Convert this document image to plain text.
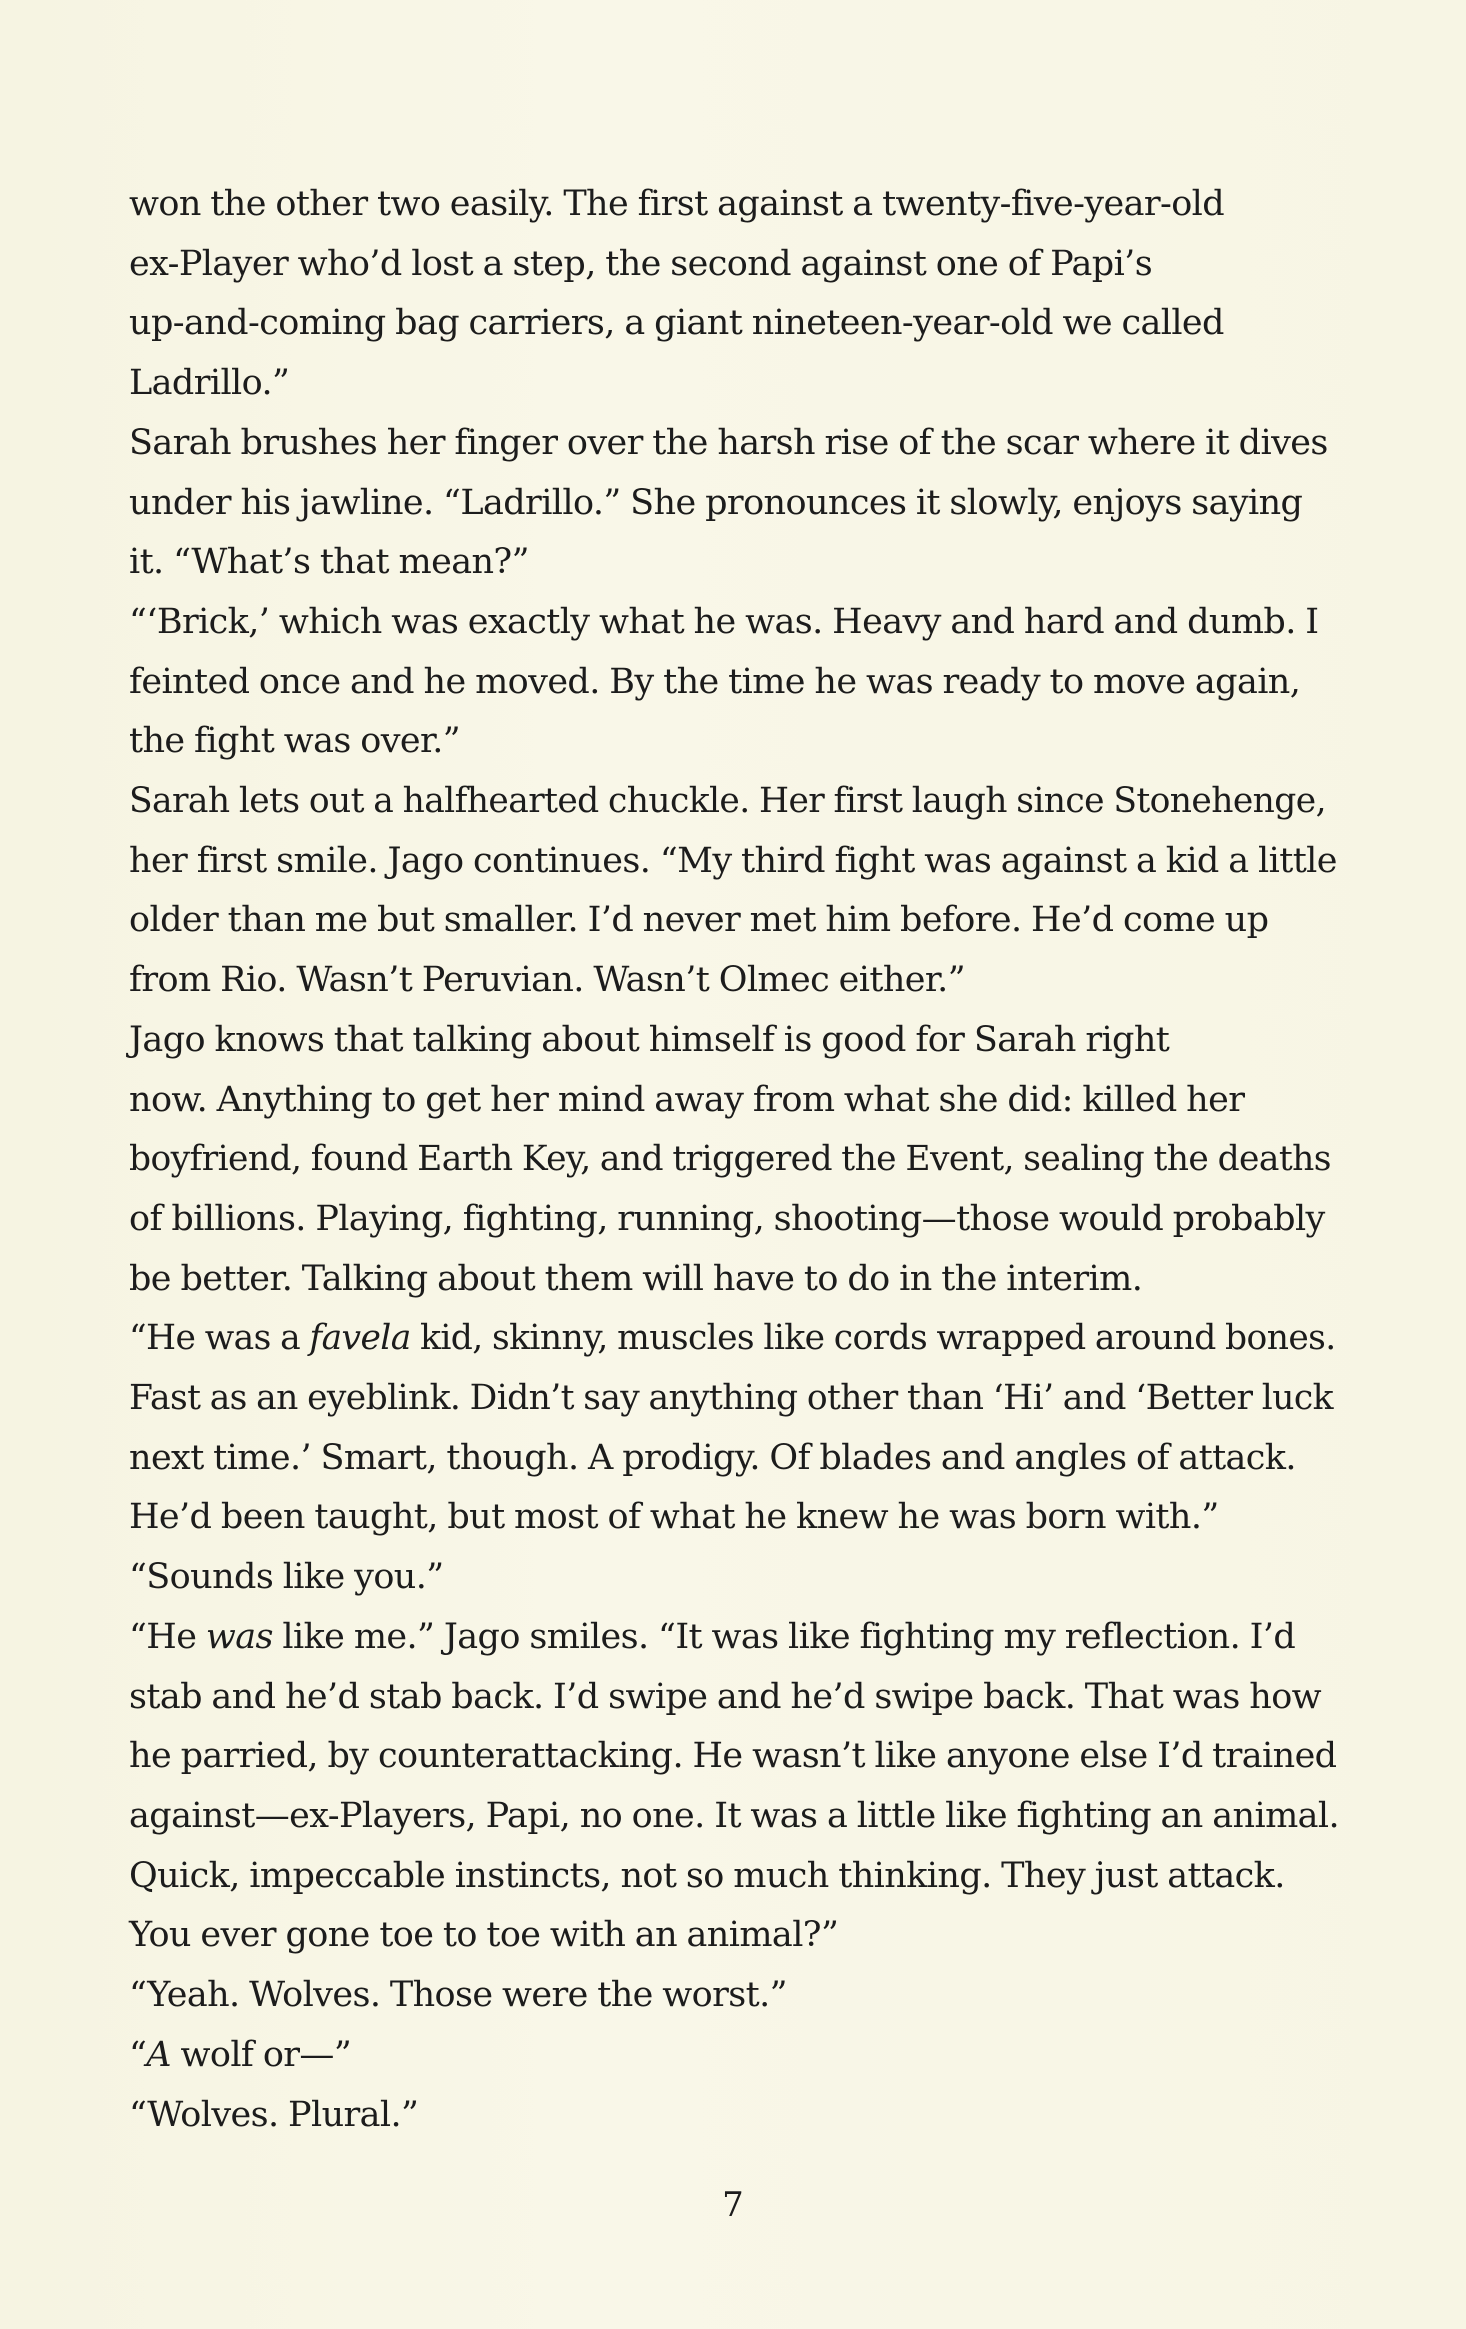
won the other two easily. The first against a twenty-five-year-old
ex-Player who’d lost a step, the second against one of Papi’s
up-and-coming bag carriers, a giant nineteen-year-old we called
Ladrillo.”
Sarah brushes her finger over the harsh rise of the scar where it dives
under his jawline. “Ladrillo.” She pronounces it slowly, enjoys saying
it. “What’s that mean?”
“‘Brick,’ which was exactly what he was. Heavy and hard and dumb. I
feinted once and he moved. By the time he was ready to move again,
the fight was over.”
Sarah lets out a halfhearted chuckle. Her first laugh since Stonehenge,
her first smile. Jago continues. “My third fight was against a kid a little
older than me but smaller. I’d never met him before. He’d come up
from Rio. Wasn’t Peruvian. Wasn’t Olmec either.”
Jago knows that talking about himself is good for Sarah right
now. Anything to get her mind away from what she did: killed her
boyfriend, found Earth Key, and triggered the Event, sealing the deaths
of billions. Playing, fighting, running, shooting—those would probably
be better. Talking about them will have to do in the interim.
“He was a favela kid, skinny, muscles like cords wrapped around bones.
Fast as an eyeblink. Didn’t say anything other than ‘Hi’ and ‘Better luck
next time.’ Smart, though. A prodigy. Of blades and angles of attack.
He’d been taught, but most of what he knew he was born with.”
“Sounds like you.”
“He was like me.” Jago smiles. “It was like fighting my reflection. I’d
stab and he’d stab back. I’d swipe and he’d swipe back. That was how
he parried, by counterattacking. He wasn’t like anyone else I’d trained
against—ex-Players, Papi, no one. It was a little like fighting an animal.
Quick, impeccable instincts, not so much thinking. They just attack.
You ever gone toe to toe with an animal?”
“Yeah. Wolves. Those were the worst.”
“A wolf or—”
“Wolves. Plural.”
7
